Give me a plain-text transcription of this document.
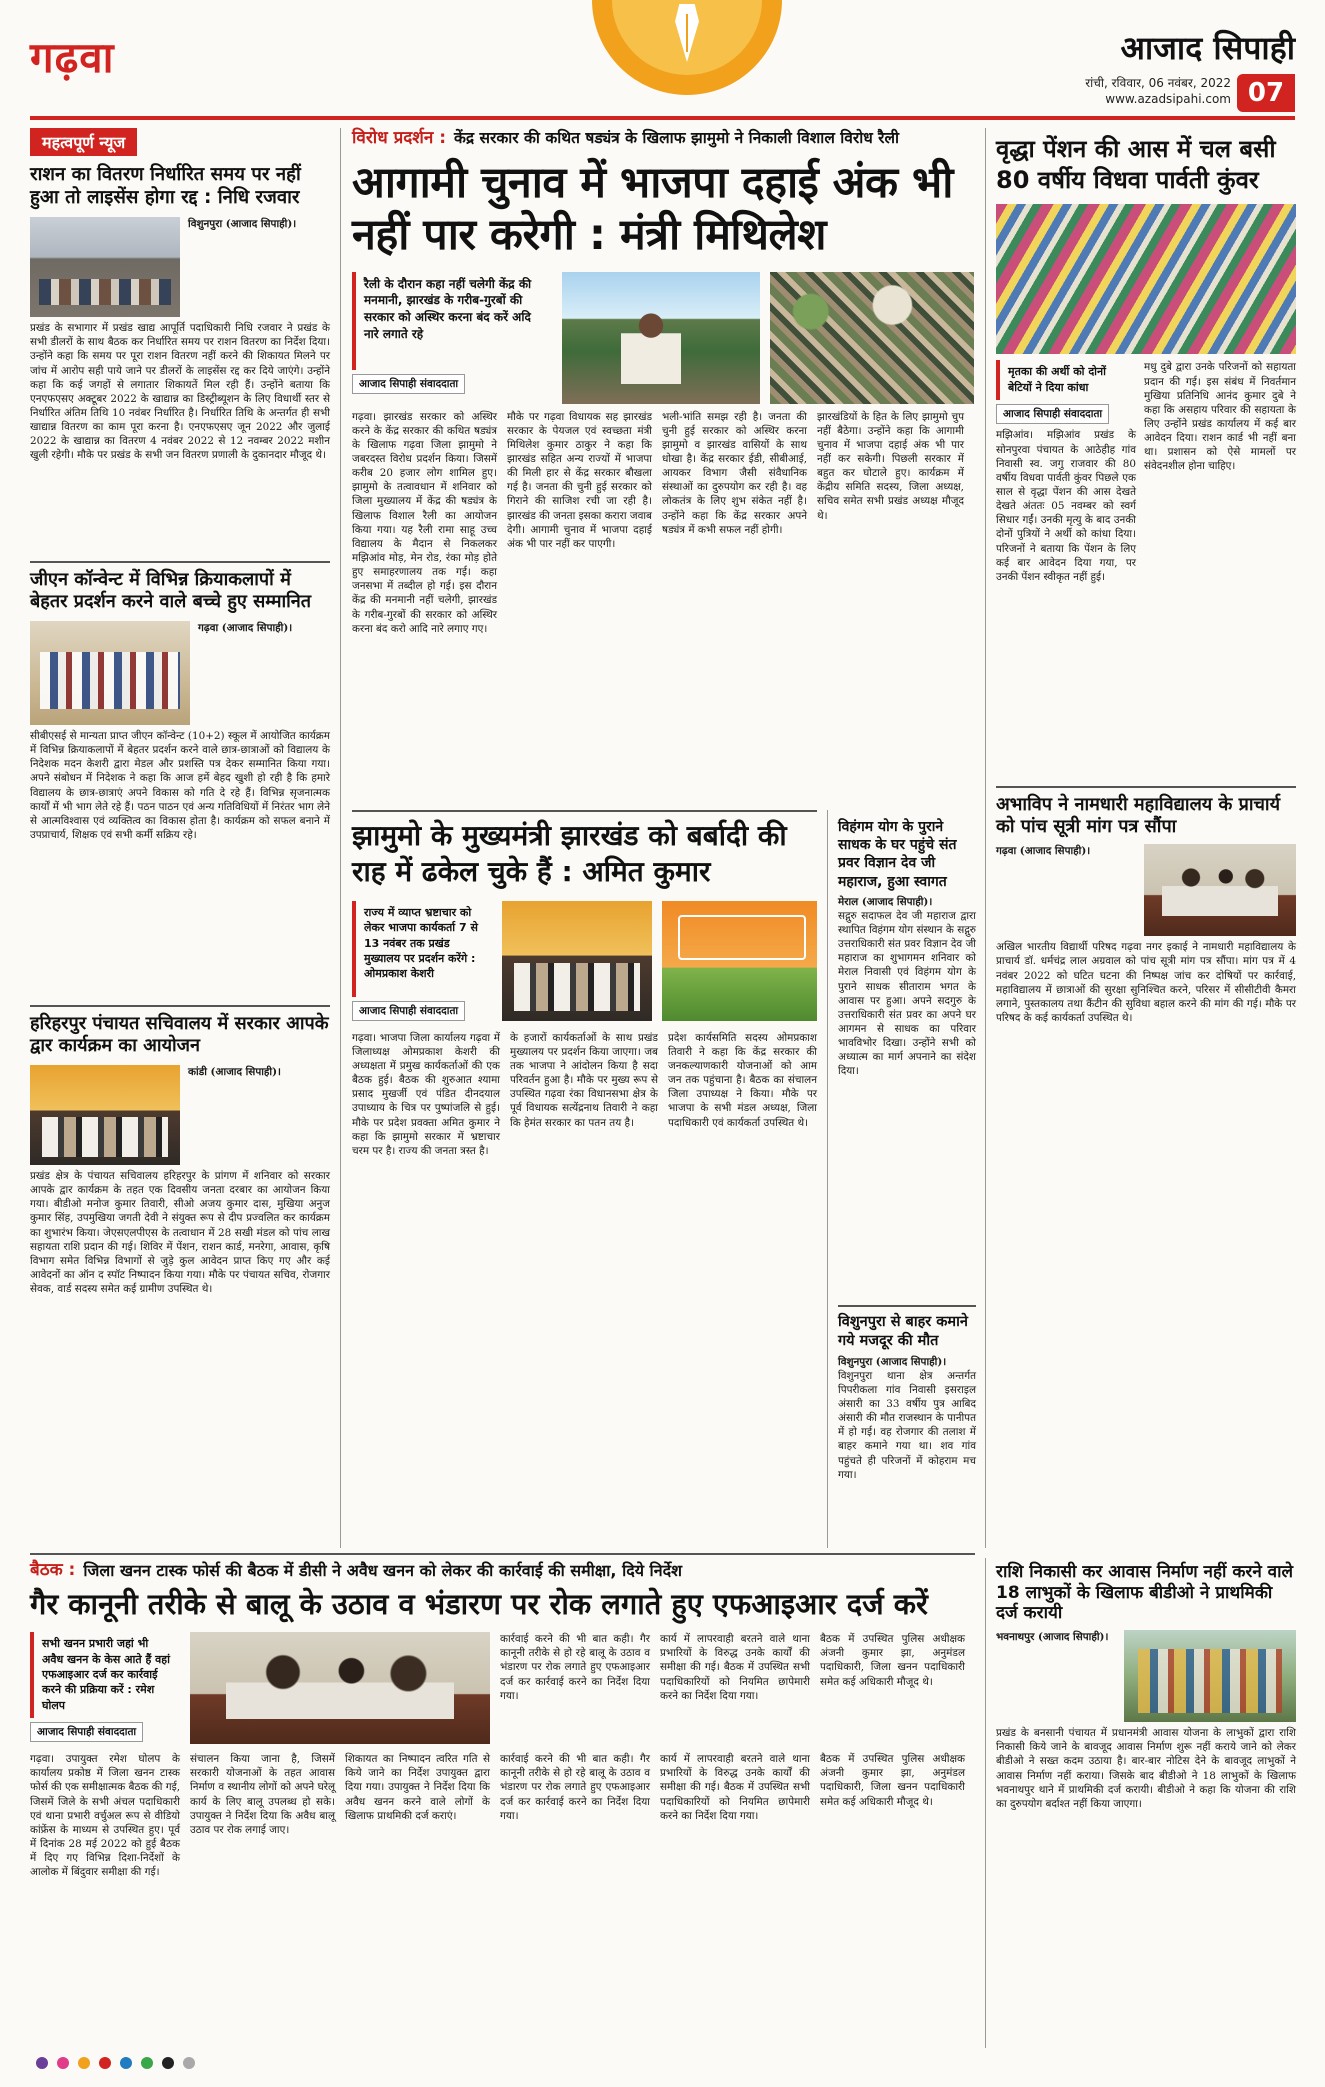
गढ़वा	आजाद सिपाही
रांची, रविवार, 06 नवंबर, 2022
www.azadsipahi.com 07
महत्वपूर्ण न्यूज
राशन का वितरण निर्धारित समय पर नहीं हुआ तो लाइसेंस होगा रद्द : निधि रजवार
विशुनपुरा (आजाद सिपाही)।
प्रखंड के सभागार में प्रखंड खाद्य आपूर्ति पदाधिकारी निधि रजवार ने प्रखंड के सभी डीलरों के साथ बैठक कर निर्धारित समय पर राशन वितरण का निर्देश दिया। उन्होंने कहा कि समय पर पूरा राशन वितरण नहीं करने की शिकायत मिलने पर जांच में आरोप सही पाये जाने पर डीलरों के लाइसेंस रद्द कर दिये जाएंगे। उन्होंने कहा कि कई जगहों से लगातार शिकायतें मिल रही हैं। उन्होंने बताया कि एनएफएसए अक्टूबर 2022 के खाद्यान्न का डिस्ट्रीब्यूशन के लिए विधार्थी स्तर से निर्धारित अंतिम तिथि 10 नवंबर निर्धारित है। निर्धारित तिथि के अन्तर्गत ही सभी खाद्यान्न वितरण का काम पूरा करना है। एनएफएसए जून 2022 और जुलाई 2022 के खाद्यान्न का वितरण 4 नवंबर 2022 से 12 नवम्बर 2022 मशीन खुली रहेगी। मौके पर प्रखंड के सभी जन वितरण प्रणाली के दुकानदार मौजूद थे।
जीएन कॉन्वेन्ट में विभिन्न क्रियाकलापों में बेहतर प्रदर्शन करने वाले बच्चे हुए सम्मानित
गढ़वा (आजाद सिपाही)।
सीबीएसई से मान्यता प्राप्त जीएन कॉन्वेन्ट (10+2) स्कूल में आयोजित कार्यक्रम में विभिन्न क्रियाकलापों में बेहतर प्रदर्शन करने वाले छात्र-छात्राओं को विद्यालय के निदेशक मदन केशरी द्वारा मेडल और प्रशस्ति पत्र देकर सम्मानित किया गया। अपने संबोधन में निदेशक ने कहा कि आज हमें बेहद खुशी हो रही है कि हमारे विद्यालय के छात्र-छात्राएं अपने विकास को गति दे रहे हैं। विभिन्न सृजनात्मक कार्यों में भी भाग लेते रहे हैं। पठन पाठन एवं अन्य गतिविधियों में निरंतर भाग लेने से आत्मविश्वास एवं व्यक्तित्व का विकास होता है। कार्यक्रम को सफल बनाने में उपप्राचार्य, शिक्षक एवं सभी कर्मी सक्रिय रहे।
हरिहरपुर पंचायत सचिवालय में सरकार आपके द्वार कार्यक्रम का आयोजन
कांडी (आजाद सिपाही)।
प्रखंड क्षेत्र के पंचायत सचिवालय हरिहरपुर के प्रांगण में शनिवार को सरकार आपके द्वार कार्यक्रम के तहत एक दिवसीय जनता दरबार का आयोजन किया गया। बीडीओ मनोज कुमार तिवारी, सीओ अजय कुमार दास, मुखिया अनुज कुमार सिंह, उपमुखिया जगती देवी ने संयुक्त रूप से दीप प्रज्वलित कर कार्यक्रम का शुभारंभ किया। जेएसएलपीएस के तत्वाधान में 28 सखी मंडल को पांच लाख सहायता राशि प्रदान की गई। शिविर में पेंशन, राशन कार्ड, मनरेगा, आवास, कृषि विभाग समेत विभिन्न विभागों से जुड़े कुल आवेदन प्राप्त किए गए और कई आवेदनों का ऑन द स्पॉट निष्पादन किया गया। मौके पर पंचायत सचिव, रोजगार सेवक, वार्ड सदस्य समेत कई ग्रामीण उपस्थित थे।
विरोध प्रदर्शन : केंद्र सरकार की कथित षड्यंत्र के खिलाफ झामुमो ने निकाली विशाल विरोध रैली
आगामी चुनाव में भाजपा दहाई अंक भी नहीं पार करेगी : मंत्री मिथिलेश
रैली के दौरान कहा नहीं चलेगी केंद्र की मनमानी, झारखंड के गरीब-गुरबों की सरकार को अस्थिर करना बंद करें अदि नारे लगाते रहे
आजाद सिपाही संवाददाता
गढ़वा। झारखंड सरकार को अस्थिर करने के केंद्र सरकार की कथित षड्यंत्र के खिलाफ गढ़वा जिला झामुमो ने जबरदस्त विरोध प्रदर्शन किया। जिसमें करीब 20 हजार लोग शामिल हुए। झामुमो के तत्वावधान में शनिवार को जिला मुख्यालय में केंद्र की षड्यंत्र के खिलाफ विशाल रैली का आयोजन किया गया। यह रैली रामा साहू उच्च विद्यालय के मैदान से निकलकर मझिआंव मोड़, मेन रोड, रंका मोड़ होते हुए समाहरणालय तक गई। कहा जनसभा में तब्दील हो गई। इस दौरान केंद्र की मनमानी नहीं चलेगी, झारखंड के गरीब-गुरबों की सरकार को अस्थिर करना बंद करो आदि नारे लगाए गए।
मौके पर गढ़वा विधायक सह झारखंड सरकार के पेयजल एवं स्वच्छता मंत्री मिथिलेश कुमार ठाकुर ने कहा कि झारखंड सहित अन्य राज्यों में भाजपा की मिली हार से केंद्र सरकार बौखला गई है। जनता की चुनी हुई सरकार को गिराने की साजिश रची जा रही है। झारखंड की जनता इसका करारा जवाब देगी। आगामी चुनाव में भाजपा दहाई अंक भी पार नहीं कर पाएगी।
भली-भांति समझ रही है। जनता की चुनी हुई सरकार को अस्थिर करना झामुमो व झारखंड वासियों के साथ धोखा है। केंद्र सरकार ईडी, सीबीआई, आयकर विभाग जैसी संवैधानिक संस्थाओं का दुरुपयोग कर रही है। वह लोकतंत्र के लिए शुभ संकेत नहीं है। उन्होंने कहा कि केंद्र सरकार अपने षड्यंत्र में कभी सफल नहीं होगी।
झारखंडियों के हित के लिए झामुमो चुप नहीं बैठेगा। उन्होंने कहा कि आगामी चुनाव में भाजपा दहाई अंक भी पार नहीं कर सकेगी। पिछली सरकार में बहुत कर घोटाले हुए। कार्यक्रम में केंद्रीय समिति सदस्य, जिला अध्यक्ष, सचिव समेत सभी प्रखंड अध्यक्ष मौजूद थे।
झामुमो के मुख्यमंत्री झारखंड को बर्बादी की राह में ढकेल चुके हैं : अमित कुमार
राज्य में व्याप्त भ्रष्टाचार को लेकर भाजपा कार्यकर्ता 7 से 13 नवंबर तक प्रखंड मुख्यालय पर प्रदर्शन करेंगे : ओमप्रकाश केशरी
आजाद सिपाही संवाददाता
गढ़वा। भाजपा जिला कार्यालय गढ़वा में जिलाध्यक्ष ओमप्रकाश केशरी की अध्यक्षता में प्रमुख कार्यकर्ताओं की एक बैठक हुई। बैठक की शुरुआत श्यामा प्रसाद मुखर्जी एवं पंडित दीनदयाल उपाध्याय के चित्र पर पुष्पांजलि से हुई। मौके पर प्रदेश प्रवक्ता अमित कुमार ने कहा कि झामुमो सरकार में भ्रष्टाचार चरम पर है। राज्य की जनता त्रस्त है।
के हजारों कार्यकर्ताओं के साथ प्रखंड मुख्यालय पर प्रदर्शन किया जाएगा। जब तक भाजपा ने आंदोलन किया है सदा परिवर्तन हुआ है। मौके पर मुख्य रूप से उपस्थित गढ़वा रंका विधानसभा क्षेत्र के पूर्व विधायक सत्येंद्रनाथ तिवारी ने कहा कि हेमंत सरकार का पतन तय है।
प्रदेश कार्यसमिति सदस्य ओमप्रकाश तिवारी ने कहा कि केंद्र सरकार की जनकल्याणकारी योजनाओं को आम जन तक पहुंचाना है। बैठक का संचालन जिला उपाध्यक्ष ने किया। मौके पर भाजपा के सभी मंडल अध्यक्ष, जिला पदाधिकारी एवं कार्यकर्ता उपस्थित थे।
विहंगम योग के पुराने साधक के घर पहुंचे संत प्रवर विज्ञान देव जी महाराज, हुआ स्वागत
मेराल (आजाद सिपाही)।
सद्गुरु सदाफल देव जी महाराज द्वारा स्थापित विहंगम योग संस्थान के सद्गुरु उत्तराधिकारी संत प्रवर विज्ञान देव जी महाराज का शुभागमन शनिवार को मेराल निवासी एवं विहंगम योग के पुराने साधक सीताराम भगत के आवास पर हुआ। अपने सदगुरु के उत्तराधिकारी संत प्रवर का अपने घर आगमन से साधक का परिवार भावविभोर दिखा। उन्होंने सभी को अध्यात्म का मार्ग अपनाने का संदेश दिया।
विशुनपुरा से बाहर कमाने गये मजदूर की मौत
विशुनपुरा (आजाद सिपाही)।
विशुनपुरा थाना क्षेत्र अन्तर्गत पिपरीकला गांव निवासी इसराइल अंसारी का 33 वर्षीय पुत्र आबिद अंसारी की मौत राजस्थान के पानीपत में हो गई। वह रोजगार की तलाश में बाहर कमाने गया था। शव गांव पहुंचते ही परिजनों में कोहराम मच गया।
वृद्धा पेंशन की आस में चल बसी 80 वर्षीय विधवा पार्वती कुंवर
मृतका की अर्थी को दोनों बेटियों ने दिया कांधा
आजाद सिपाही संवाददाता
मझिआंव। मझिआंव प्रखंड के सोनपुरवा पंचायत के आठेहीह गांव निवासी स्व. जगु राजवार की 80 वर्षीय विधवा पार्वती कुंवर पिछले एक साल से वृद्धा पेंशन की आस देखते देखते अंततः 05 नवम्बर को स्वर्ग सिधार गईं। उनकी मृत्यु के बाद उनकी दोनों पुत्रियों ने अर्थी को कांधा दिया। परिजनों ने बताया कि पेंशन के लिए कई बार आवेदन दिया गया, पर उनकी पेंशन स्वीकृत नहीं हुई।
मधु दुबे द्वारा उनके परिजनों को सहायता प्रदान की गई। इस संबंध में निवर्तमान मुखिया प्रतिनिधि आनंद कुमार दुबे ने कहा कि असहाय परिवार की सहायता के लिए उन्होंने प्रखंड कार्यालय में कई बार आवेदन दिया। राशन कार्ड भी नहीं बना था। प्रशासन को ऐसे मामलों पर संवेदनशील होना चाहिए।
अभाविप ने नामधारी महाविद्यालय के प्राचार्य को पांच सूत्री मांग पत्र सौंपा
गढ़वा (आजाद सिपाही)।
अखिल भारतीय विद्यार्थी परिषद गढ़वा नगर इकाई ने नामधारी महाविद्यालय के प्राचार्य डॉ. धर्मचंद्र लाल अग्रवाल को पांच सूत्री मांग पत्र सौंपा। मांग पत्र में 4 नवंबर 2022 को घटित घटना की निष्पक्ष जांच कर दोषियों पर कार्रवाई, महाविद्यालय में छात्राओं की सुरक्षा सुनिश्चित करने, परिसर में सीसीटीवी कैमरा लगाने, पुस्तकालय तथा कैंटीन की सुविधा बहाल करने की मांग की गई। मौके पर परिषद के कई कार्यकर्ता उपस्थित थे।
राशि निकासी कर आवास निर्माण नहीं करने वाले 18 लाभुकों के खिलाफ बीडीओ ने प्राथमिकी दर्ज करायी
भवनाथपुर (आजाद सिपाही)।
प्रखंड के बनसानी पंचायत में प्रधानमंत्री आवास योजना के लाभुकों द्वारा राशि निकासी किये जाने के बावजूद आवास निर्माण शुरू नहीं कराये जाने को लेकर बीडीओ ने सख्त कदम उठाया है। बार-बार नोटिस देने के बावजूद लाभुकों ने आवास निर्माण नहीं कराया। जिसके बाद बीडीओ ने 18 लाभुकों के खिलाफ भवनाथपुर थाने में प्राथमिकी दर्ज करायी। बीडीओ ने कहा कि योजना की राशि का दुरुपयोग बर्दाश्त नहीं किया जाएगा।
बैठक : जिला खनन टास्क फोर्स की बैठक में डीसी ने अवैध खनन को लेकर की कार्रवाई की समीक्षा, दिये निर्देश
गैर कानूनी तरीके से बालू के उठाव व भंडारण पर रोक लगाते हुए एफआइआर दर्ज करें
सभी खनन प्रभारी जहां भी अवैध खनन के केस आते हैं वहां एफआइआर दर्ज कर कार्रवाई करने की प्रक्रिया करें : रमेश घोलप
आजाद सिपाही संवाददाता
कार्रवाई करने की भी बात कही। गैर कानूनी तरीके से हो रहे बालू के उठाव व भंडारण पर रोक लगाते हुए एफआइआर दर्ज कर कार्रवाई करने का निर्देश दिया गया।
कार्य में लापरवाही बरतने वाले थाना प्रभारियों के विरुद्ध उनके कार्यों की समीक्षा की गई। बैठक में उपस्थित सभी पदाधिकारियों को नियमित छापेमारी करने का निर्देश दिया गया।
बैठक में उपस्थित पुलिस अधीक्षक अंजनी कुमार झा, अनुमंडल पदाधिकारी, जिला खनन पदाधिकारी समेत कई अधिकारी मौजूद थे।
गढ़वा। उपायुक्त रमेश घोलप के कार्यालय प्रकोष्ठ में जिला खनन टास्क फोर्स की एक समीक्षात्मक बैठक की गई, जिसमें जिले के सभी अंचल पदाधिकारी एवं थाना प्रभारी वर्चुअल रूप से वीडियो कांफ्रेंस के माध्यम से उपस्थित हुए। पूर्व में दिनांक 28 मई 2022 को हुई बैठक में दिए गए विभिन्न दिशा-निर्देशों के आलोक में बिंदुवार समीक्षा की गई।
संचालन किया जाना है, जिसमें सरकारी योजनाओं के तहत आवास निर्माण व स्थानीय लोगों को अपने घरेलू कार्य के लिए बालू उपलब्ध हो सके। उपायुक्त ने निर्देश दिया कि अवैध बालू उठाव पर रोक लगाई जाए।
शिकायत का निष्पादन त्वरित गति से किये जाने का निर्देश उपायुक्त द्वारा दिया गया। उपायुक्त ने निर्देश दिया कि अवैध खनन करने वाले लोगों के खिलाफ प्राथमिकी दर्ज कराएं।
कार्रवाई करने की भी बात कही। गैर कानूनी तरीके से हो रहे बालू के उठाव व भंडारण पर रोक लगाते हुए एफआइआर दर्ज कर कार्रवाई करने का निर्देश दिया गया।
कार्य में लापरवाही बरतने वाले थाना प्रभारियों के विरुद्ध उनके कार्यों की समीक्षा की गई। बैठक में उपस्थित सभी पदाधिकारियों को नियमित छापेमारी करने का निर्देश दिया गया।
बैठक में उपस्थित पुलिस अधीक्षक अंजनी कुमार झा, अनुमंडल पदाधिकारी, जिला खनन पदाधिकारी समेत कई अधिकारी मौजूद थे।
